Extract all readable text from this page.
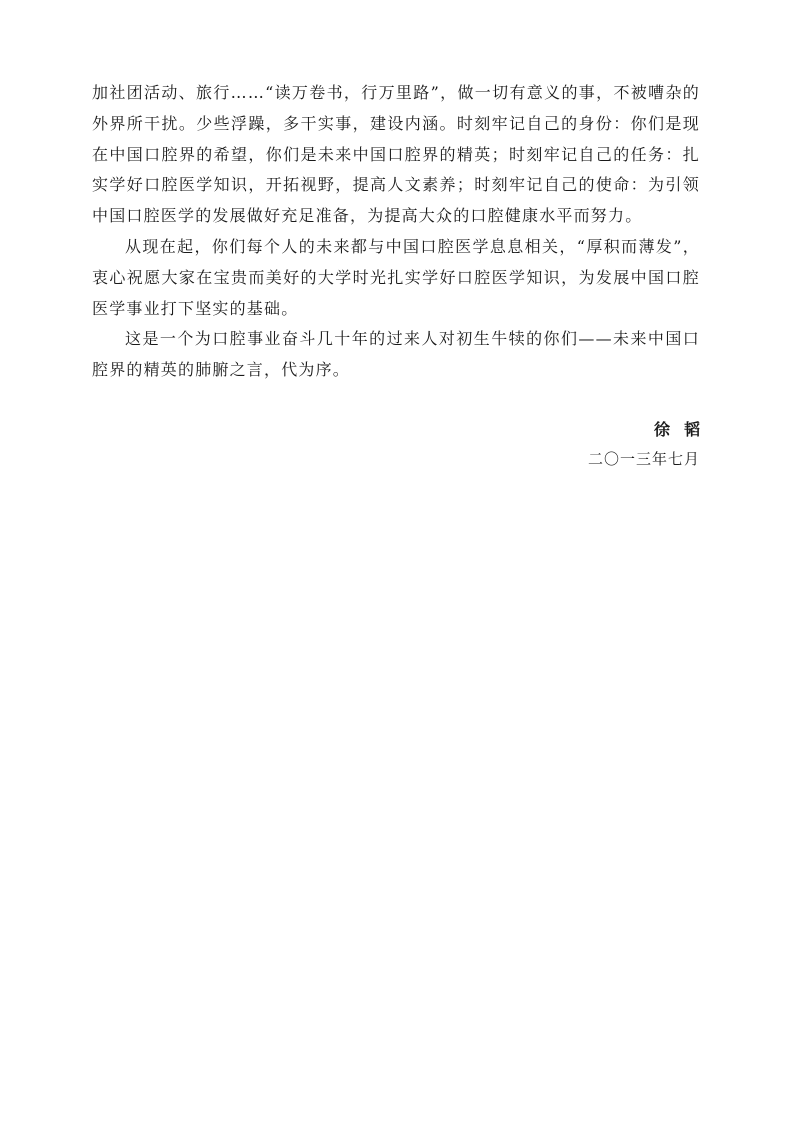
加社团活动、旅行……“读万卷书，行万里路”，做一切有意义的事，不被嘈杂的外界所干扰。少些浮躁，多干实事，建设内涵。时刻牢记自己的身份：你们是现在中国口腔界的希望，你们是未来中国口腔界的精英；时刻牢记自己的任务：扎实学好口腔医学知识，开拓视野，提高人文素养；时刻牢记自己的使命：为引领中国口腔医学的发展做好充足准备，为提高大众的口腔健康水平而努力。

从现在起，你们每个人的未来都与中国口腔医学息息相关，“厚积而薄发”，衷心祝愿大家在宝贵而美好的大学时光扎实学好口腔医学知识，为发展中国口腔医学事业打下坚实的基础。

这是一个为口腔事业奋斗几十年的过来人对初生牛犊的你们——未来中国口腔界的精英的肺腑之言，代为序。

徐韬
二〇一三年七月
